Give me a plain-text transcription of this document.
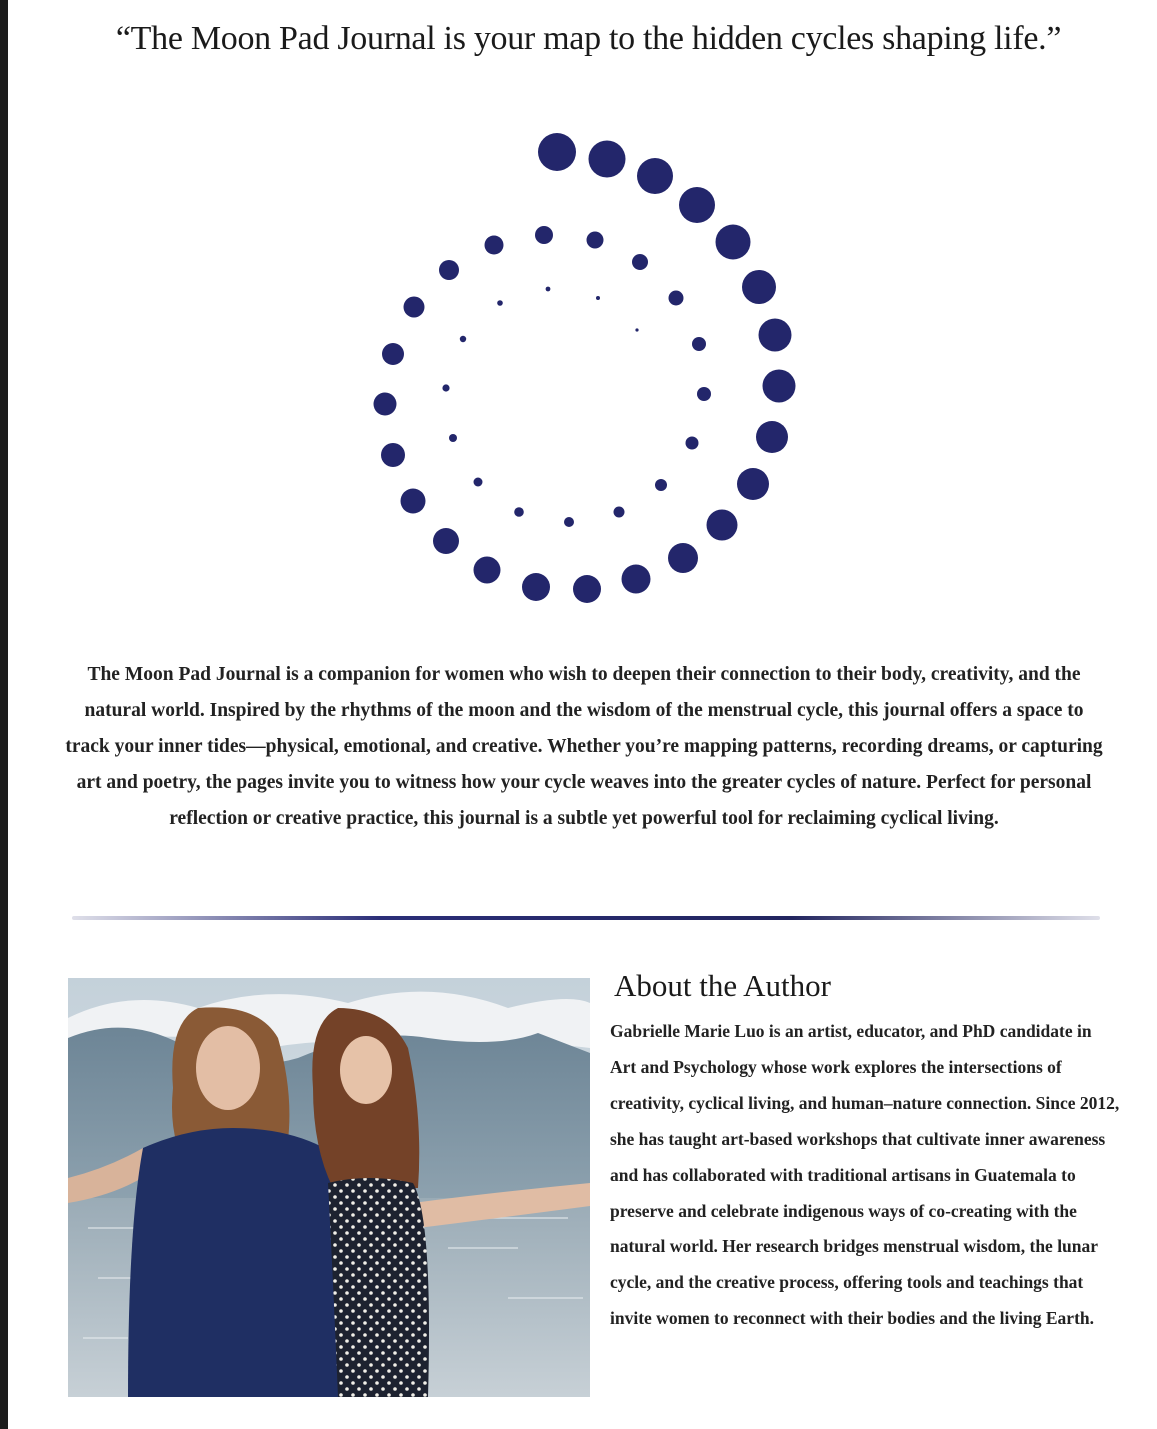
“The Moon Pad Journal is your map to the hidden cycles shaping life.”
The Moon Pad Journal is a companion for women who wish to deepen their connection to their body, creativity, and the natural world. Inspired by the rhythms of the moon and the wisdom of the menstrual cycle, this journal offers a space to track your inner tides—physical, emotional, and creative. Whether you’re mapping patterns, recording dreams, or capturing art and poetry, the pages invite you to witness how your cycle weaves into the greater cycles of nature. Perfect for personal reflection or creative practice, this journal is a subtle yet powerful tool for reclaiming cyclical living.
About the Author
Gabrielle Marie Luo is an artist, educator, and PhD candidate in Art and Psychology whose work explores the intersections of creativity, cyclical living, and human–nature connection. Since 2012, she has taught art-based workshops that cultivate inner awareness and has collaborated with traditional artisans in Guatemala to preserve and celebrate indigenous ways of co-creating with the natural world. Her research bridges menstrual wisdom, the lunar cycle, and the creative process, offering tools and teachings that invite women to reconnect with their bodies and the living Earth.
